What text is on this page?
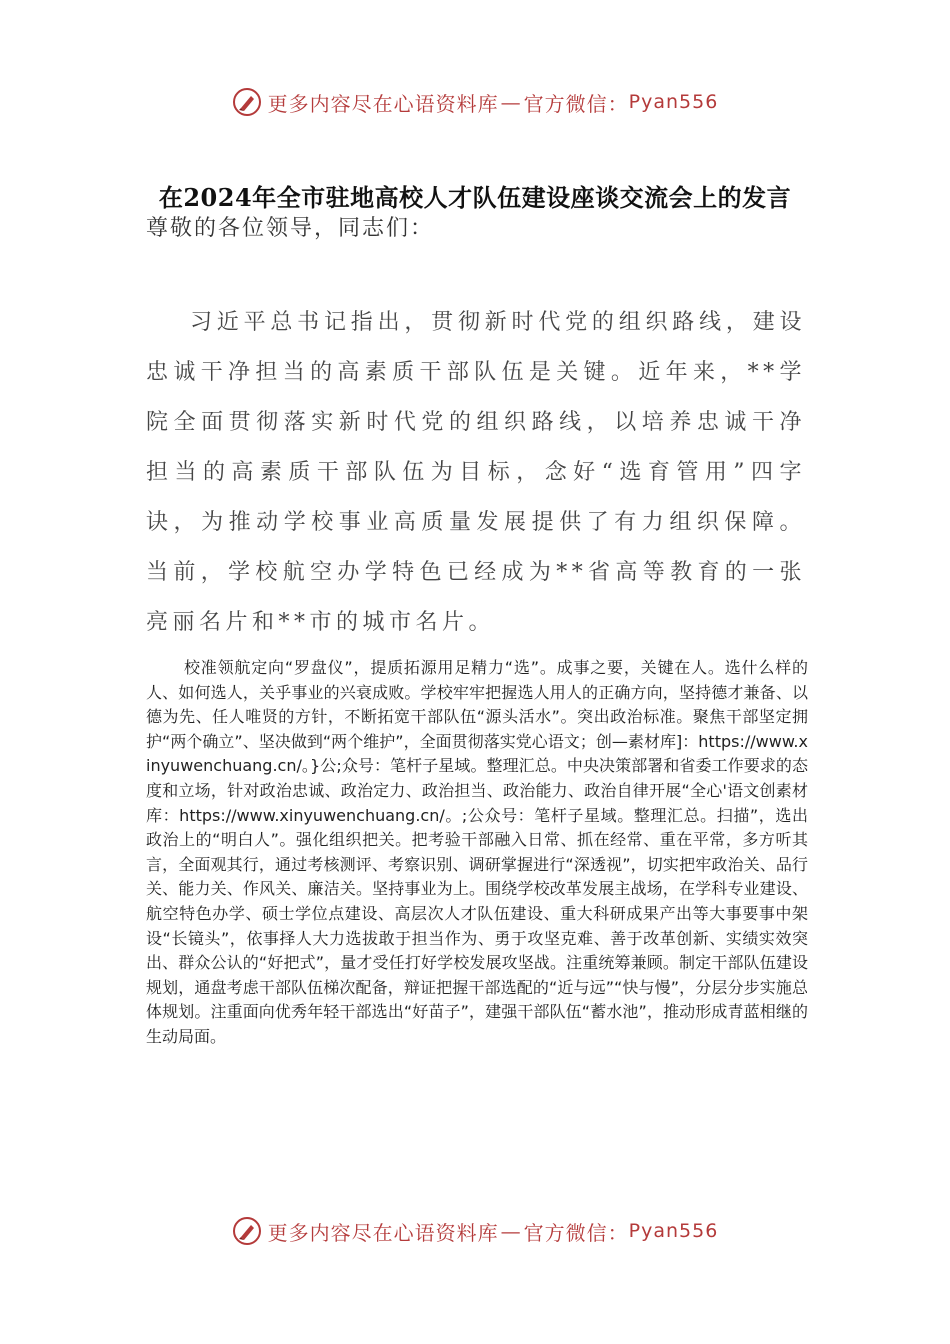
更多内容尽在心语资料库 — 官方微信： Pyan556
在2024年全市驻地高校人才队伍建设座谈交流会上的发言
尊敬的各位领导，同志们：

习近平总书记指出，贯彻新时代党的组织路线，建设忠诚干净担当的高素质干部队伍是关键。近年来，**学院全面贯彻落实新时代党的组织路线，以培养忠诚干净担当的高素质干部队伍为目标，念好“选育管用”四字诀，为推动学校事业高质量发展提供了有力组织保障。当前，学校航空办学特色已经成为**省高等教育的一张亮丽名片和**市的城市名片。

校准领航定向“罗盘仪”，提质拓源用足精力“选”。成事之要，关键在人。选什么样的人、如何选人，关乎事业的兴衰成败。学校牢牢把握选人用人的正确方向，坚持德才兼备、以德为先、任人唯贤的方针，不断拓宽干部队伍“源头活水”。突出政治标准。聚焦干部坚定拥护“两个确立”、坚决做到“两个维护”，全面贯彻落实党心语文；创—素材库]：https://www.xinyuwenchuang.cn/。}公;众号：笔杆子星域。整理汇总。中央决策部署和省委工作要求的态度和立场，针对政治忠诚、政治定力、政治担当、政治能力、政治自律开展“全心'语文创素材库：https://www.xinyuwenchuang.cn/。;公众号：笔杆子星域。整理汇总。扫描”，选出政治上的“明白人”。强化组织把关。把考验干部融入日常、抓在经常、重在平常，多方听其言，全面观其行，通过考核测评、考察识别、调研掌握进行“深透视”，切实把牢政治关、品行关、能力关、作风关、廉洁关。坚持事业为上。围绕学校改革发展主战场，在学科专业建设、航空特色办学、硕士学位点建设、高层次人才队伍建设、重大科研成果产出等大事要事中架设“长镜头”，依事择人大力选拔敢于担当作为、勇于攻坚克难、善于改革创新、实绩实效突出、群众公认的“好把式”，量才受任打好学校发展攻坚战。注重统筹兼顾。制定干部队伍建设规划，通盘考虑干部队伍梯次配备，辩证把握干部选配的“近与远”“快与慢”，分层分步实施总体规划。注重面向优秀年轻干部选出“好苗子”，建强干部队伍“蓄水池”，推动形成青蓝相继的生动局面。

更多内容尽在心语资料库 — 官方微信： Pyan556
